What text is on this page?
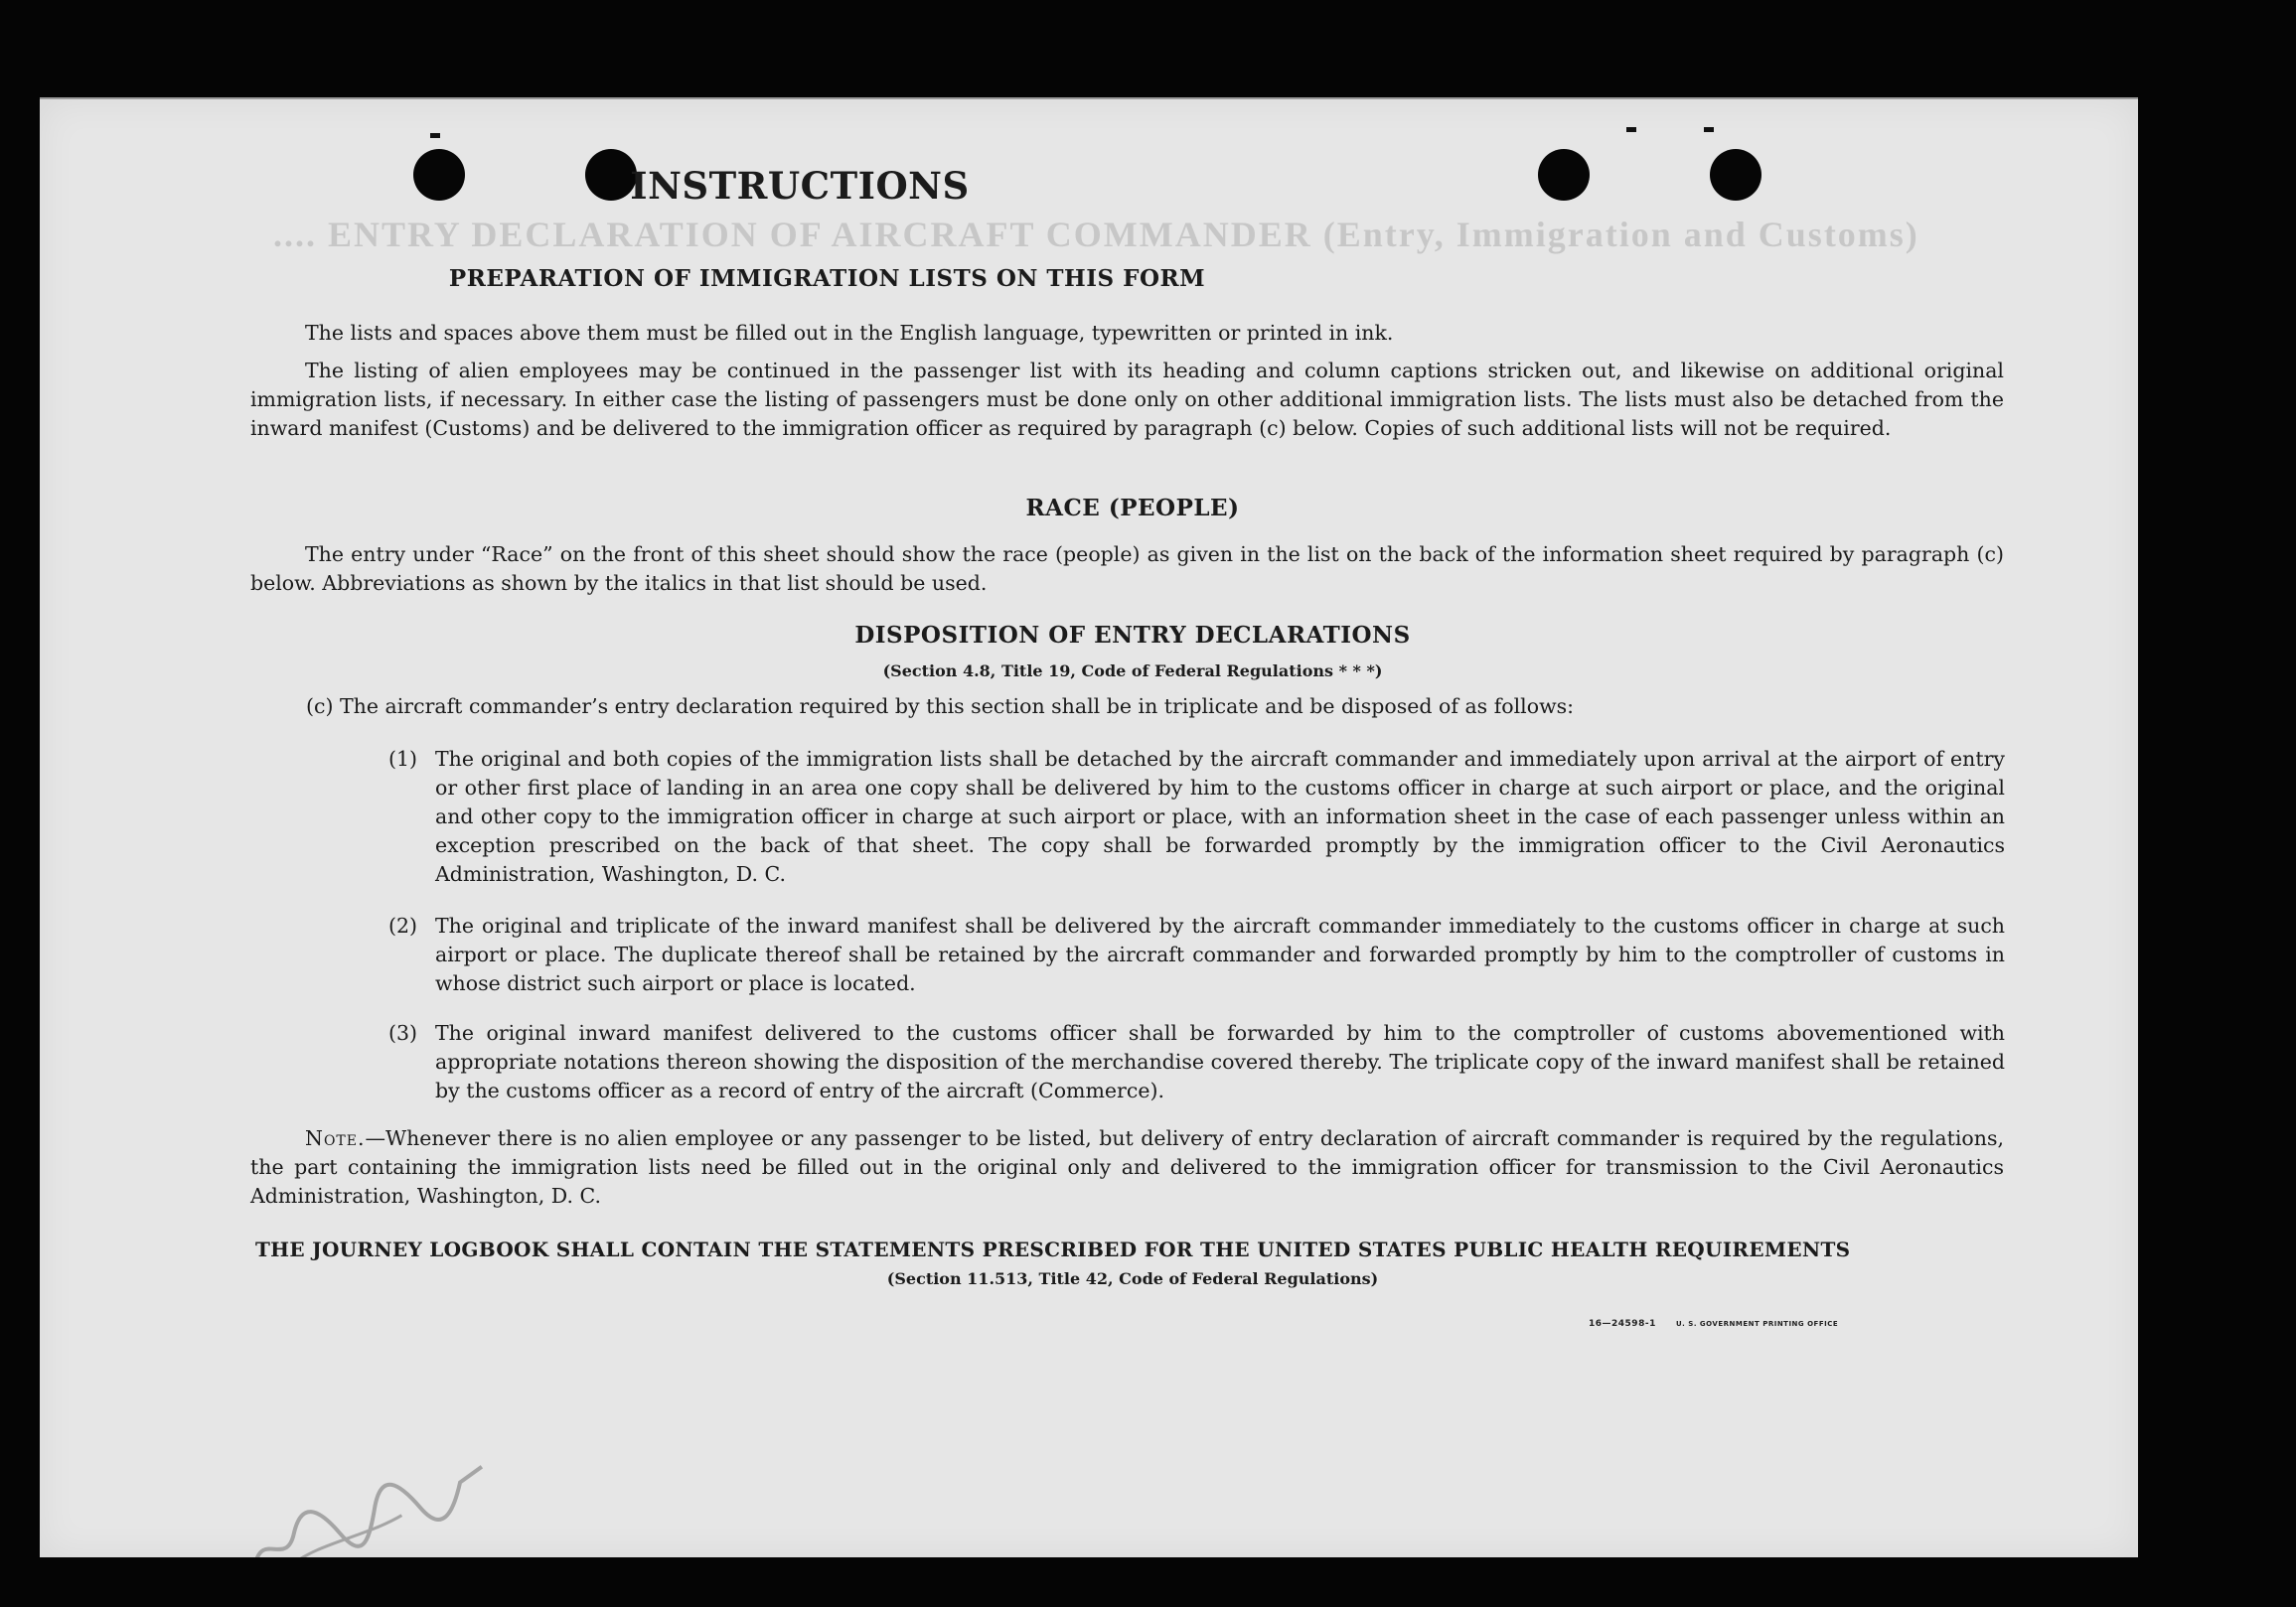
.... ENTRY DECLARATION OF AIRCRAFT COMMANDER (Entry, Immigration and Customs)
INSTRUCTIONS
PREPARATION OF IMMIGRATION LISTS ON THIS FORM
The lists and spaces above them must be filled out in the English language, typewritten or printed in ink.
The listing of alien employees may be continued in the passenger list with its heading and column captions stricken out, and likewise on additional original immigration lists, if necessary. In either case the listing of passengers must be done only on other additional immigration lists. The lists must also be detached from the inward manifest (Customs) and be delivered to the immigration officer as required by paragraph (c) below. Copies of such additional lists will not be required.
RACE (PEOPLE)
The entry under “Race” on the front of this sheet should show the race (people) as given in the list on the back of the information sheet required by paragraph (c) below. Abbreviations as shown by the italics in that list should be used.
DISPOSITION OF ENTRY DECLARATIONS
(Section 4.8, Title 19, Code of Federal Regulations * * *)
(c) The aircraft commander’s entry declaration required by this section shall be in triplicate and be disposed of as follows:
(1) The original and both copies of the immigration lists shall be detached by the aircraft commander and immediately upon arrival at the airport of entry or other first place of landing in an area one copy shall be delivered by him to the customs officer in charge at such airport or place, and the original and other copy to the immigration officer in charge at such airport or place, with an information sheet in the case of each passenger unless within an exception prescribed on the back of that sheet. The copy shall be forwarded promptly by the immigration officer to the Civil Aeronautics Administration, Washington, D. C.
(2) The original and triplicate of the inward manifest shall be delivered by the aircraft commander immediately to the customs officer in charge at such airport or place. The duplicate thereof shall be retained by the aircraft commander and forwarded promptly by him to the comptroller of customs in whose district such airport or place is located.
(3) The original inward manifest delivered to the customs officer shall be forwarded by him to the comptroller of customs abovementioned with appropriate notations thereon showing the disposition of the merchandise covered thereby. The triplicate copy of the inward manifest shall be retained by the customs officer as a record of entry of the aircraft (Commerce).
Note.—Whenever there is no alien employee or any passenger to be listed, but delivery of entry declaration of aircraft commander is required by the regulations, the part containing the immigration lists need be filled out in the original only and delivered to the immigration officer for transmission to the Civil Aeronautics Administration, Washington, D. C.
THE JOURNEY LOGBOOK SHALL CONTAIN THE STATEMENTS PRESCRIBED FOR THE UNITED STATES PUBLIC HEALTH REQUIREMENTS
(Section 11.513, Title 42, Code of Federal Regulations)
16—24598-1	U. S. GOVERNMENT PRINTING OFFICE
